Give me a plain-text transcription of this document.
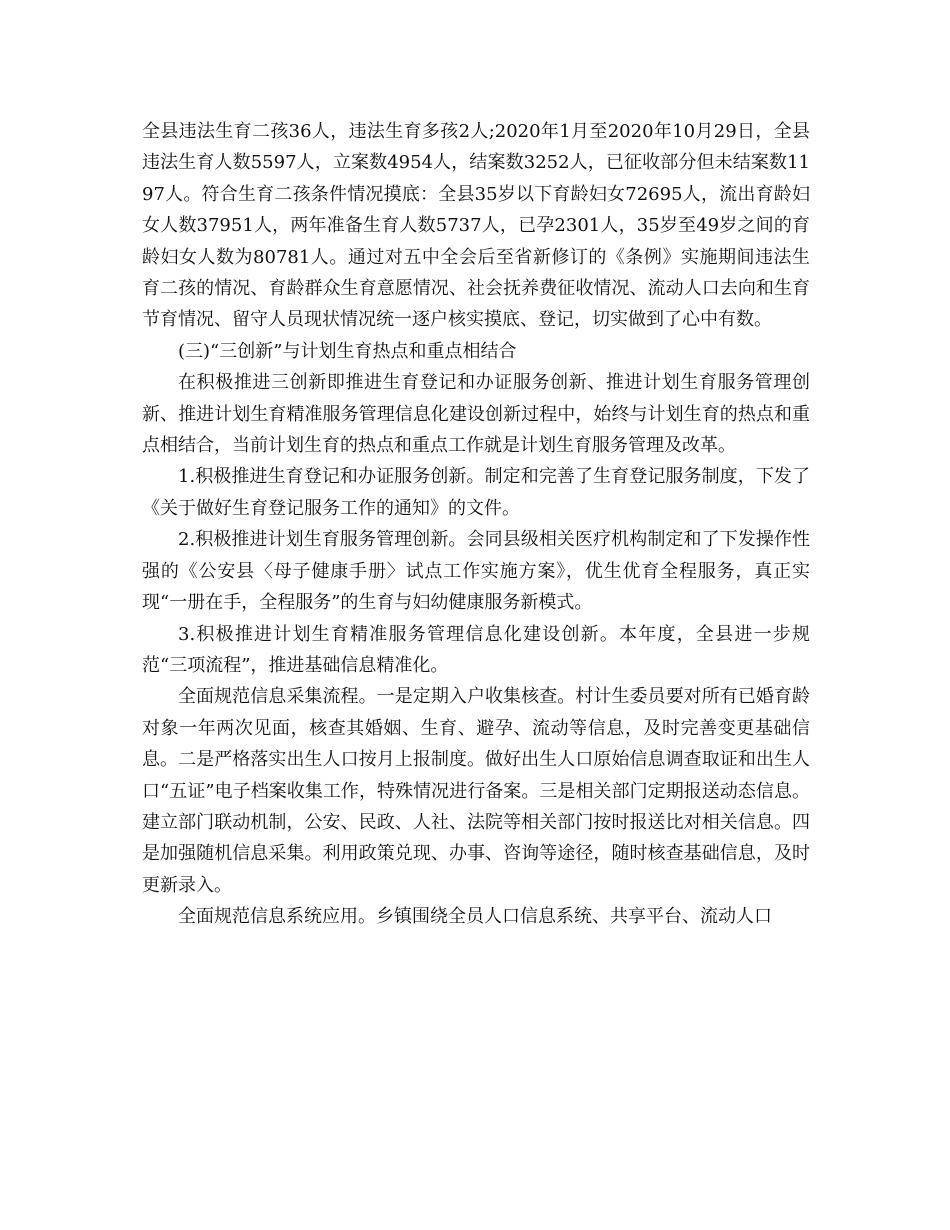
全县违法生育二孩36人，违法生育多孩2人;2020年1月至2020年10月29日，全县违法生育人数5597人，立案数4954人，结案数3252人，已征收部分但未结案数1197人。符合生育二孩条件情况摸底：全县35岁以下育龄妇女72695人，流出育龄妇女人数37951人，两年准备生育人数5737人，已孕2301人，35岁至49岁之间的育龄妇女人数为80781人。通过对五中全会后至省新修订的《条例》实施期间违法生育二孩的情况、育龄群众生育意愿情况、社会抚养费征收情况、流动人口去向和生育节育情况、留守人员现状情况统一逐户核实摸底、登记，切实做到了心中有数。

(三)“三创新”与计划生育热点和重点相结合

在积极推进三创新即推进生育登记和办证服务创新、推进计划生育服务管理创新、推进计划生育精准服务管理信息化建设创新过程中，始终与计划生育的热点和重点相结合，当前计划生育的热点和重点工作就是计划生育服务管理及改革。

1.积极推进生育登记和办证服务创新。制定和完善了生育登记服务制度，下发了《关于做好生育登记服务工作的通知》的文件。

2.积极推进计划生育服务管理创新。会同县级相关医疗机构制定和了下发操作性强的《公安县〈母子健康手册〉试点工作实施方案》，优生优育全程服务，真正实现“一册在手，全程服务”的生育与妇幼健康服务新模式。

3.积极推进计划生育精准服务管理信息化建设创新。本年度，全县进一步规范“三项流程”，推进基础信息精准化。

全面规范信息采集流程。一是定期入户收集核查。村计生委员要对所有已婚育龄对象一年两次见面，核查其婚姻、生育、避孕、流动等信息，及时完善变更基础信息。二是严格落实出生人口按月上报制度。做好出生人口原始信息调查取证和出生人口“五证”电子档案收集工作，特殊情况进行备案。三是相关部门定期报送动态信息。建立部门联动机制，公安、民政、人社、法院等相关部门按时报送比对相关信息。四是加强随机信息采集。利用政策兑现、办事、咨询等途径，随时核查基础信息，及时更新录入。

全面规范信息系统应用。乡镇围绕全员人口信息系统、共享平台、流动人口
